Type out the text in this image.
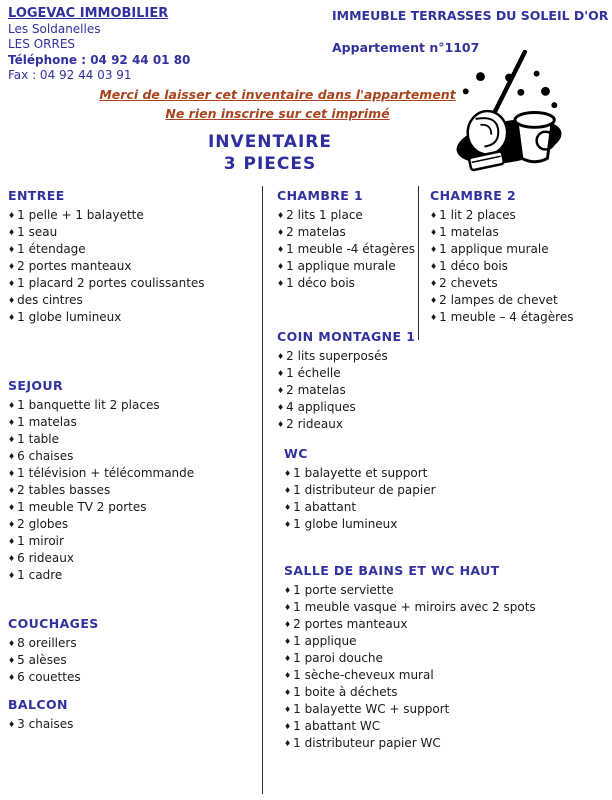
LOGEVAC IMMOBILIER
Les Soldanelles
LES ORRES
Téléphone : 04 92 44 01 80
Fax : 04 92 44 03 91
IMMEUBLE TERRASSES DU SOLEIL D'OR
Appartement n°1107
Merci de laisser cet inventaire dans l'appartement
Ne rien inscrire sur cet imprimé
INVENTAIRE
3 PIECES
ENTREE
♦ 1 pelle + 1 balayette
♦ 1 seau
♦ 1 étendage
♦ 2 portes manteaux
♦ 1 placard 2 portes coulissantes
♦ des cintres
♦ 1 globe lumineux
SEJOUR
♦ 1 banquette lit 2 places
♦ 1 matelas
♦ 1 table
♦ 6 chaises
♦ 1 télévision + télécommande
♦ 2 tables basses
♦ 1 meuble TV 2 portes
♦ 2 globes
♦ 1 miroir
♦ 6 rideaux
♦ 1 cadre
COUCHAGES
♦ 8 oreillers
♦ 5 alèses
♦ 6 couettes
BALCON
♦ 3 chaises
CHAMBRE 1
♦ 2 lits 1 place
♦ 2 matelas
♦ 1 meuble -4 étagères
♦ 1 applique murale
♦ 1 déco bois
COIN MONTAGNE 1
♦ 2 lits superposés
♦ 1 échelle
♦ 2 matelas
♦ 4 appliques
♦ 2 rideaux
WC
♦ 1 balayette et support
♦ 1 distributeur de papier
♦ 1 abattant
♦ 1 globe lumineux
SALLE DE BAINS ET WC HAUT
♦ 1 porte serviette
♦ 1 meuble vasque + miroirs avec 2 spots
♦ 2 portes manteaux
♦ 1 applique
♦ 1 paroi douche
♦ 1 sèche-cheveux mural
♦ 1 boite à déchets
♦ 1 balayette WC + support
♦ 1 abattant WC
♦ 1 distributeur papier WC
CHAMBRE 2
♦ 1 lit 2 places
♦ 1 matelas
♦ 1 applique murale
♦ 1 déco bois
♦ 2 chevets
♦ 2 lampes de chevet
♦ 1 meuble – 4 étagères
